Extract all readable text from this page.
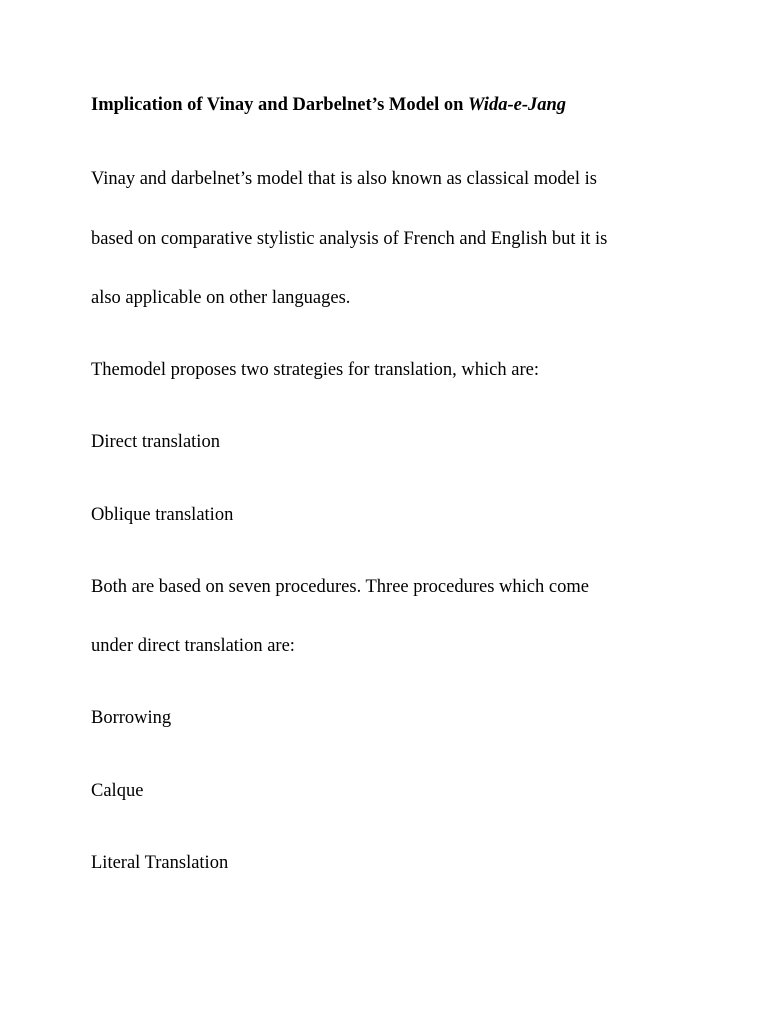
Implication of Vinay and Darbelnet’s Model on Wida-e-Jang

Vinay and darbelnet’s model that is also known as classical model is

based on comparative stylistic analysis of French and English but it is

also applicable on other languages.

Themodel proposes two strategies for translation, which are:

Direct translation

Oblique translation

Both are based on seven procedures. Three procedures which come

under direct translation are:

Borrowing

Calque

Literal Translation
